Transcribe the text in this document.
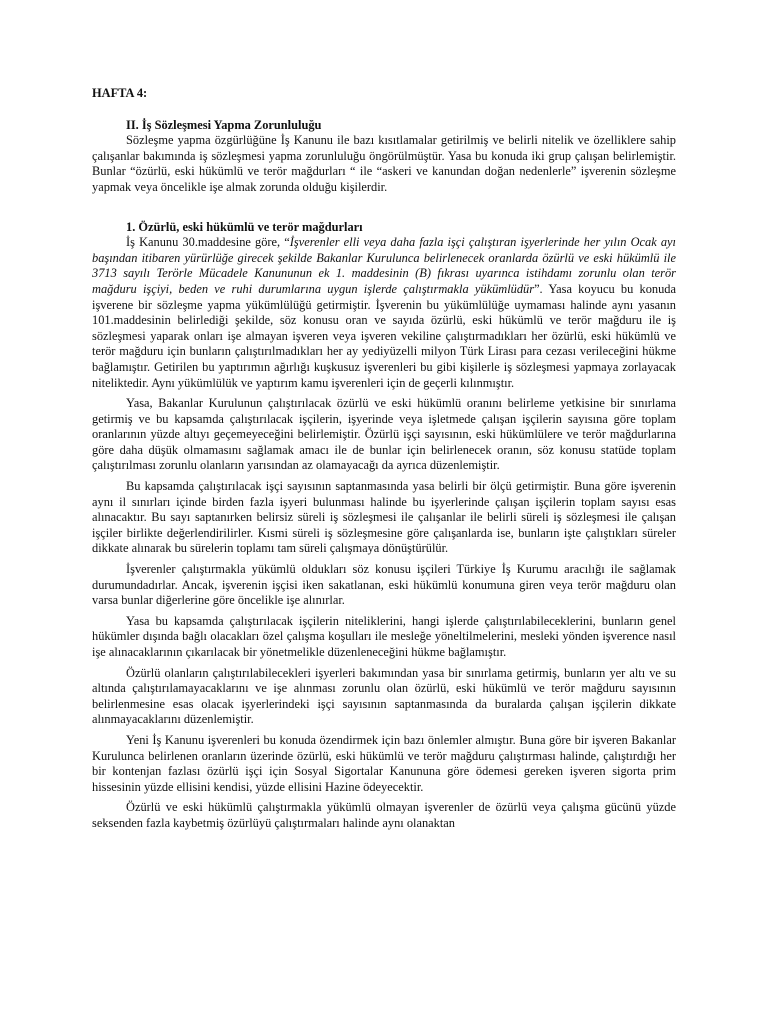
HAFTA 4:
II. İş Sözleşmesi Yapma Zorunluluğu

Sözleşme yapma özgürlüğüne İş Kanunu ile bazı kısıtlamalar getirilmiş ve belirli nitelik ve özelliklere sahip çalışanlar bakımında iş sözleşmesi yapma zorunluluğu öngörülmüştür. Yasa bu konuda iki grup çalışan belirlemiştir. Bunlar “özürlü, eski hükümlü ve terör mağdurları “ ile “askeri ve kanundan doğan nedenlerle” işverenin sözleşme yapmak veya öncelikle işe almak zorunda olduğu kişilerdir.

1. Özürlü, eski hükümlü ve terör mağdurları

İş Kanunu 30.maddesine göre, “İşverenler elli veya daha fazla işçi çalıştıran işyerlerinde her yılın Ocak ayı başından itibaren yürürlüğe girecek şekilde Bakanlar Kurulunca belirlenecek oranlarda özürlü ve eski hükümlü ile 3713 sayılı Terörle Mücadele Kanununun ek 1. maddesinin (B) fıkrası uyarınca istihdamı zorunlu olan terör mağduru işçiyi, beden ve ruhi durumlarına uygun işlerde çalıştırmakla yükümlüdür”. Yasa koyucu bu konuda işverene bir sözleşme yapma yükümlülüğü getirmiştir. İşverenin bu yükümlülüğe uymaması halinde aynı yasanın 101.maddesinin belirlediği şekilde, söz konusu oran ve sayıda özürlü, eski hükümlü ve terör mağduru ile iş sözleşmesi yaparak onları işe almayan işveren veya işveren vekiline çalıştırmadıkları her özürlü, eski hükümlü ve terör mağduru için bunların çalıştırılmadıkları her ay yediyüzelli milyon Türk Lirası para cezası verileceğini hükme bağlamıştır. Getirilen bu yaptırımın ağırlığı kuşkusuz işverenleri bu gibi kişilerle iş sözleşmesi yapmaya zorlayacak niteliktedir. Aynı yükümlülük ve yaptırım kamu işverenleri için de geçerli kılınmıştır.

Yasa, Bakanlar Kurulunun çalıştırılacak özürlü ve eski hükümlü oranını belirleme yetkisine bir sınırlama getirmiş ve bu kapsamda çalıştırılacak işçilerin, işyerinde veya işletmede çalışan işçilerin sayısına göre toplam oranlarının yüzde altıyı geçemeyeceğini belirlemiştir. Özürlü işçi sayısının, eski hükümlülere ve terör mağdurlarına göre daha düşük olmamasını sağlamak amacı ile de bunlar için belirlenecek oranın, söz konusu statüde toplam çalıştırılması zorunlu olanların yarısından az olamayacağı da ayrıca düzenlemiştir.

Bu kapsamda çalıştırılacak işçi sayısının saptanmasında yasa belirli bir ölçü getirmiştir. Buna göre işverenin aynı il sınırları içinde birden fazla işyeri bulunması halinde bu işyerlerinde çalışan işçilerin toplam sayısı esas alınacaktır. Bu sayı saptanırken belirsiz süreli iş sözleşmesi ile çalışanlar ile belirli süreli iş sözleşmesi ile çalışan işçiler birlikte değerlendirilirler. Kısmi süreli iş sözleşmesine göre çalışanlarda ise, bunların işte çalıştıkları süreler dikkate alınarak bu sürelerin toplamı tam süreli çalışmaya dönüştürülür.

İşverenler çalıştırmakla yükümlü oldukları söz konusu işçileri Türkiye İş Kurumu aracılığı ile sağlamak durumundadırlar. Ancak, işverenin işçisi iken sakatlanan, eski hükümlü konumuna giren veya terör mağduru olan varsa bunlar diğerlerine göre öncelikle işe alınırlar.

Yasa bu kapsamda çalıştırılacak işçilerin niteliklerini, hangi işlerde çalıştırılabileceklerini, bunların genel hükümler dışında bağlı olacakları özel çalışma koşulları ile mesleğe yöneltilmelerini, mesleki yönden işverence nasıl işe alınacaklarının çıkarılacak bir yönetmelikle düzenleneceğini hükme bağlamıştır.

Özürlü olanların çalıştırılabilecekleri işyerleri bakımından yasa bir sınırlama getirmiş, bunların yer altı ve su altında çalıştırılamayacaklarını ve işe alınması zorunlu olan özürlü, eski hükümlü ve terör mağduru sayısının belirlenmesine esas olacak işyerlerindeki işçi sayısının saptanmasında da buralarda çalışan işçilerin dikkate alınmayacaklarını düzenlemiştir.

Yeni İş Kanunu işverenleri bu konuda özendirmek için bazı önlemler almıştır. Buna göre bir işveren Bakanlar Kurulunca belirlenen oranların üzerinde özürlü, eski hükümlü ve terör mağduru çalıştırması halinde, çalıştırdığı her bir kontenjan fazlası özürlü işçi için Sosyal Sigortalar Kanununa göre ödemesi gereken işveren sigorta prim hissesinin yüzde ellisini kendisi, yüzde ellisini Hazine ödeyecektir.

Özürlü ve eski hükümlü çalıştırmakla yükümlü olmayan işverenler de özürlü veya çalışma gücünü yüzde seksenden fazla kaybetmiş özürlüyü çalıştırmaları halinde aynı olanaktan
